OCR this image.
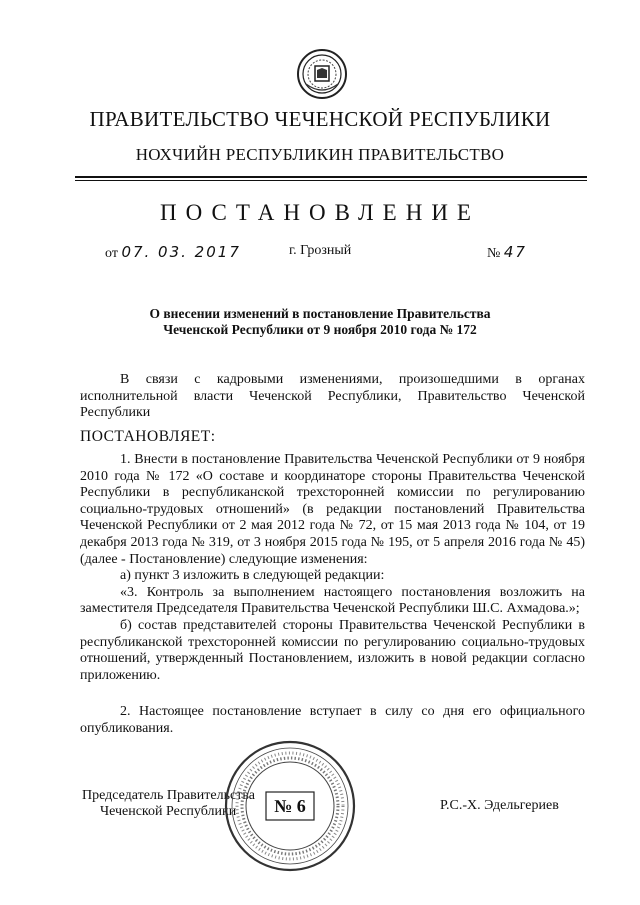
ПРАВИТЕЛЬСТВО ЧЕЧЕНСКОЙ РЕСПУБЛИКИ
НОХЧИЙН РЕСПУБЛИКИН ПРАВИТЕЛЬСТВО
ПОСТАНОВЛЕНИЕ
от 07. 03. 2017	г. Грозный	№ 47
О внесении изменений в постановление Правительства
Чеченской Республики от 9 ноября 2010 года № 172

В связи с кадровыми изменениями, произошедшими в органах исполнительной власти Чеченской Республики, Правительство Чеченской Республики

ПОСТАНОВЛЯЕТ:

1. Внести в постановление Правительства Чеченской Республики от 9 ноября 2010 года № 172 «О составе и координаторе стороны Правительства Чеченской Республики в республиканской трехсторонней комиссии по регулированию социально-трудовых отношений» (в редакции постановлений Правительства Чеченской Республики от 2 мая 2012 года № 72, от 15 мая 2013 года № 104, от 19 декабря 2013 года № 319, от 3 ноября 2015 года № 195, от 5 апреля 2016 года № 45) (далее - Постановление) следующие изменения:

а) пункт 3 изложить в следующей редакции:

«3. Контроль за выполнением настоящего постановления возложить на заместителя Председателя Правительства Чеченской Республики Ш.С. Ахмадова.»;

б) состав представителей стороны Правительства Чеченской Республики в республиканской трехсторонней комиссии по регулированию социально-трудовых отношений, утвержденный Постановлением, изложить в новой редакции согласно приложению.

2. Настоящее постановление вступает в силу со дня его официального опубликования.

Председатель Правительства
Чеченской Республики	Р.С.-Х. Эдельгериев
№ 6
